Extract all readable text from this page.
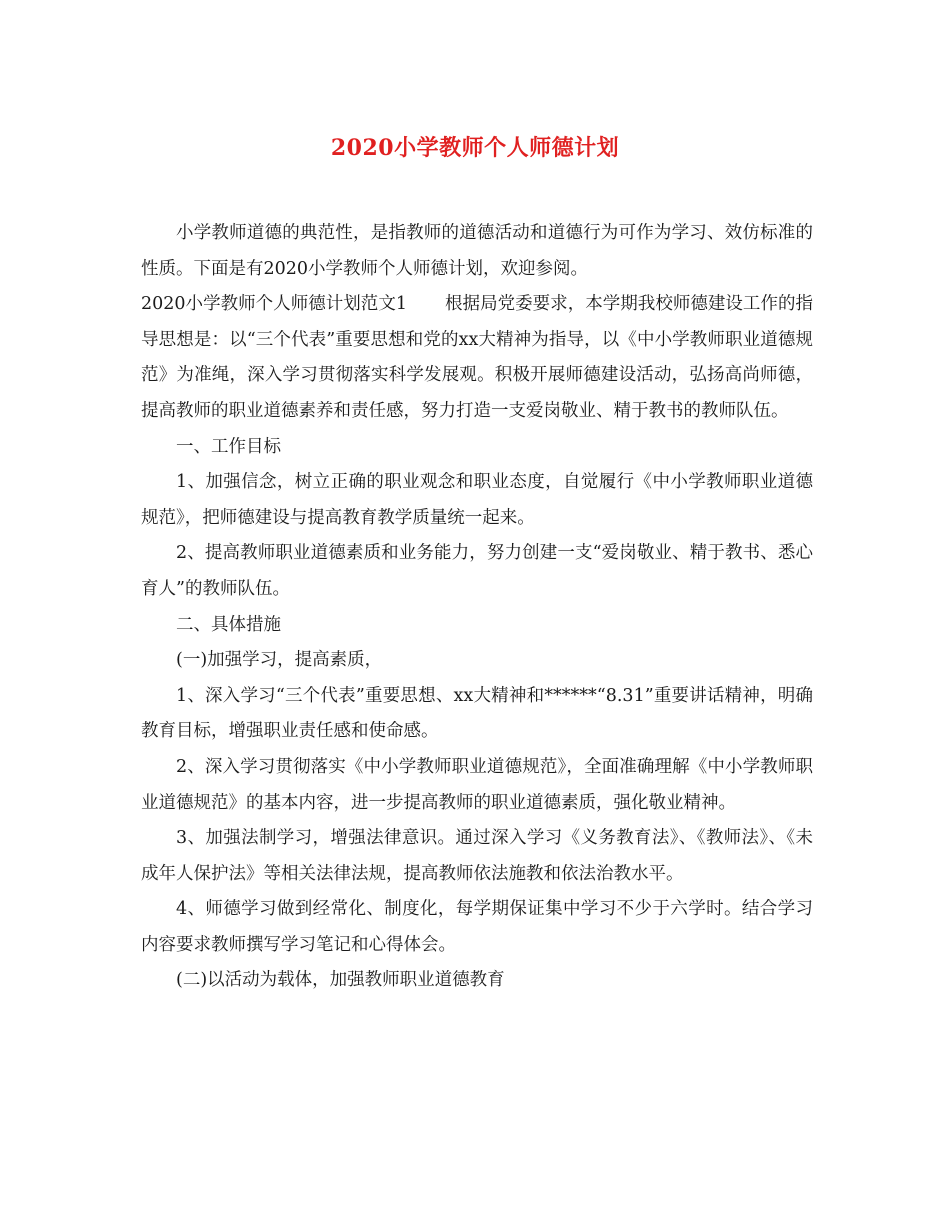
2020小学教师个人师德计划

小学教师道德的典范性，是指教师的道德活动和道德行为可作为学习、效仿标准的性质。下面是有2020小学教师个人师德计划，欢迎参阅。

2020小学教师个人师德计划范文1 根据局党委要求，本学期我校师德建设工作的指导思想是：以“三个代表”重要思想和党的xx大精神为指导，以《中小学教师职业道德规范》为准绳，深入学习贯彻落实科学发展观。积极开展师德建设活动，弘扬高尚师德，提高教师的职业道德素养和责任感，努力打造一支爱岗敬业、精于教书的教师队伍。

一、工作目标

1、加强信念，树立正确的职业观念和职业态度，自觉履行《中小学教师职业道德规范》，把师德建设与提高教育教学质量统一起来。

2、提高教师职业道德素质和业务能力，努力创建一支“爱岗敬业、精于教书、悉心育人”的教师队伍。

二、具体措施

(一)加强学习，提高素质，

1、深入学习“三个代表”重要思想、xx大精神和******“8.31”重要讲话精神，明确教育目标，增强职业责任感和使命感。

2、深入学习贯彻落实《中小学教师职业道德规范》，全面准确理解《中小学教师职业道德规范》的基本内容，进一步提高教师的职业道德素质，强化敬业精神。

3、加强法制学习，增强法律意识。通过深入学习《义务教育法》、《教师法》、《未成年人保护法》等相关法律法规，提高教师依法施教和依法治教水平。

4、师德学习做到经常化、制度化，每学期保证集中学习不少于六学时。结合学习内容要求教师撰写学习笔记和心得体会。

(二)以活动为载体，加强教师职业道德教育
